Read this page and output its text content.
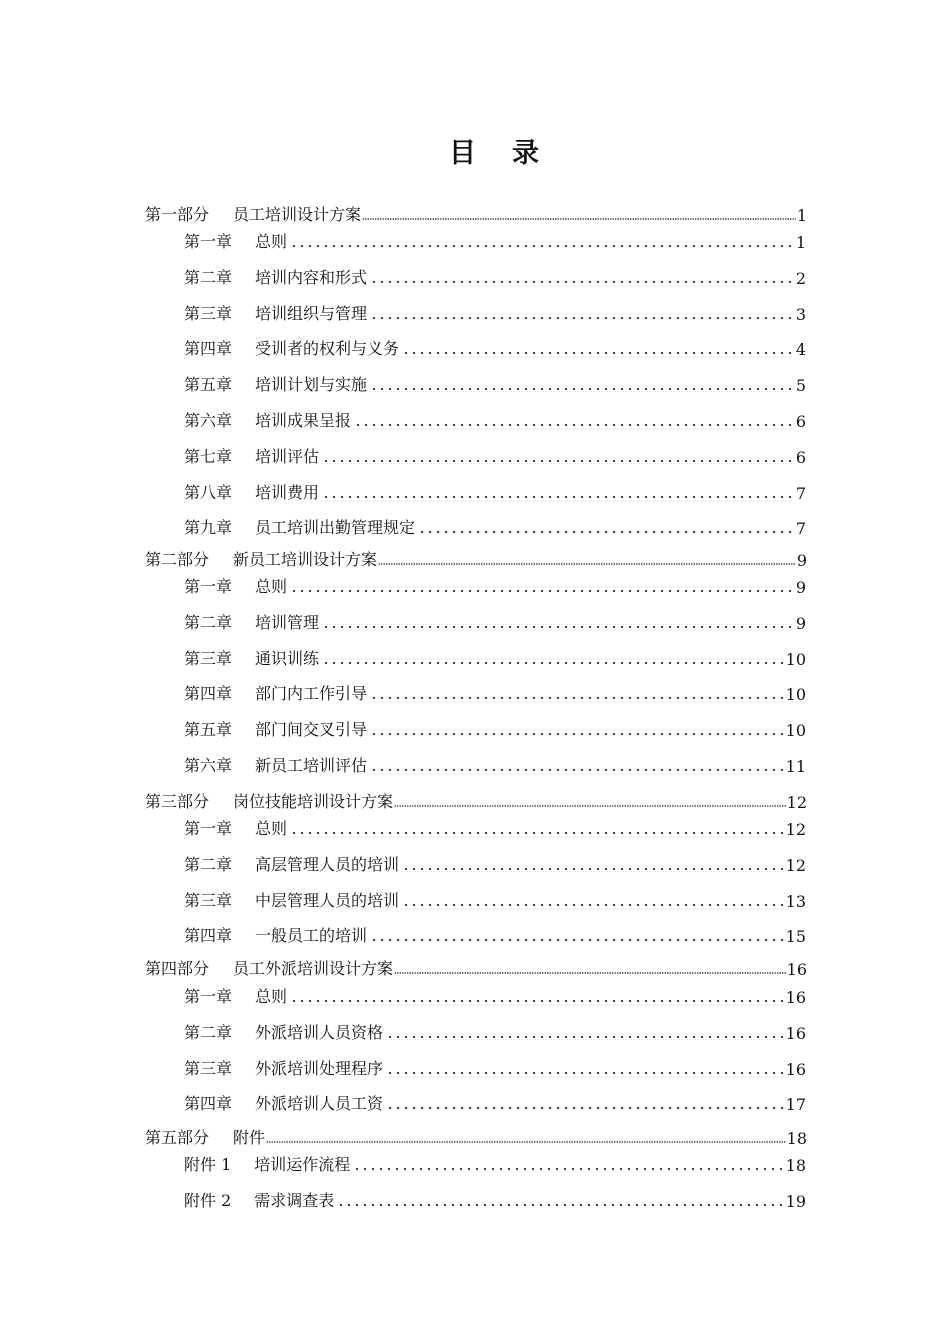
目 录
第一部分 员工培训设计方案	1
第一章 总则	1
第二章 培训内容和形式	2
第三章 培训组织与管理	3
第四章 受训者的权利与义务	4
第五章 培训计划与实施	5
第六章 培训成果呈报	6
第七章 培训评估	6
第八章 培训费用	7
第九章 员工培训出勤管理规定	7
第二部分 新员工培训设计方案	9
第一章 总则	9
第二章 培训管理	9
第三章 通识训练	10
第四章 部门内工作引导	10
第五章 部门间交叉引导	10
第六章 新员工培训评估	11
第三部分 岗位技能培训设计方案	12
第一章 总则	12
第二章 高层管理人员的培训	12
第三章 中层管理人员的培训	13
第四章 一般员工的培训	15
第四部分 员工外派培训设计方案	16
第一章 总则	16
第二章 外派培训人员资格	16
第三章 外派培训处理程序	16
第四章 外派培训人员工资	17
第五部分 附件	18
附件 1 培训运作流程	18
附件 2 需求调查表	19
